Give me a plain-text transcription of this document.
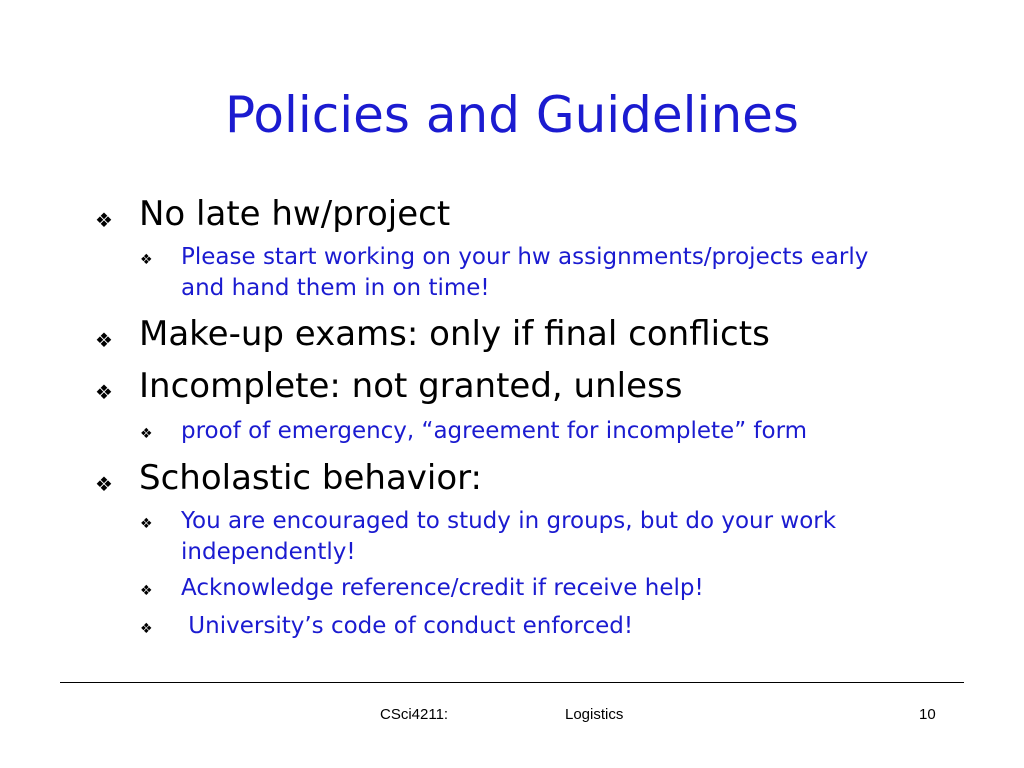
Policies and Guidelines
❖ No late hw/project
❖ Please start working on your hw assignments/projects early
and hand them in on time!
❖ Make-up exams: only if final conflicts
❖ Incomplete: not granted, unless
❖ proof of emergency, “agreement for incomplete” form
❖ Scholastic behavior:
❖ You are encouraged to study in groups, but do your work
independently!
❖ Acknowledge reference/credit if receive help!
❖ University’s code of conduct enforced!
CSci4211:	Logistics	10
